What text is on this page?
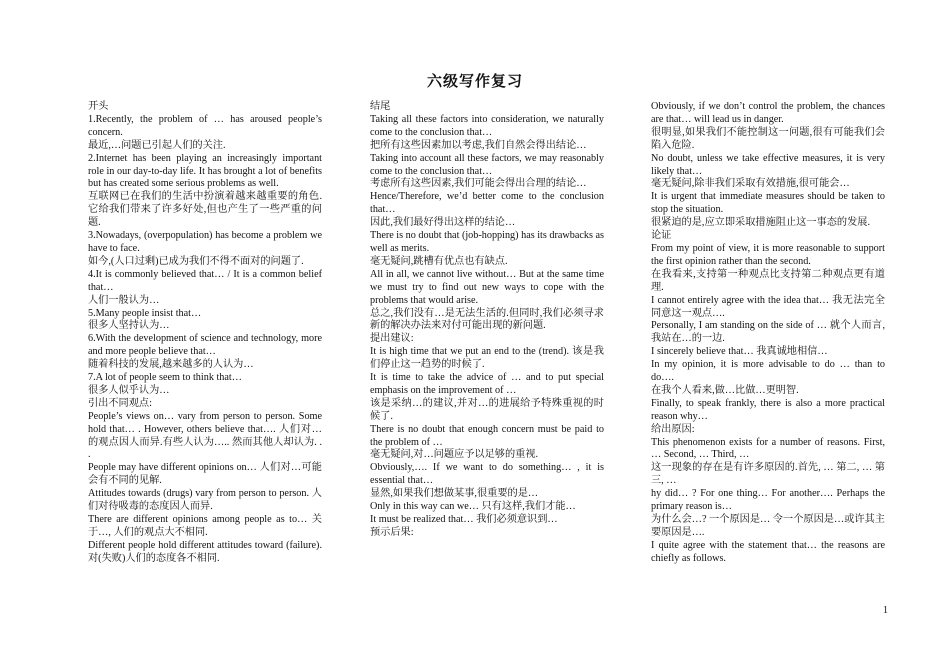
六级写作复习

开头

1.Recently, the problem of … has aroused people’s concern.

最近,…问题已引起人们的关注.

2.Internet has been playing an increasingly important role in our day-to-day life. It has brought a lot of benefits but has created some serious problems as well.

互联网已在我们的生活中扮演着越来越重要的角色.它给我们带来了许多好处,但也产生了一些严重的问题.

3.Nowadays, (overpopulation) has become a problem we have to face.

如今,(人口过剩)已成为我们不得不面对的问题了.

4.It is commonly believed that… / It is a common belief that…

人们一般认为…

5.Many people insist that…

很多人坚持认为…

6.With the development of science and technology, more and more people believe that…

随着科技的发展,越来越多的人认为…

7.A lot of people seem to think that…

很多人似乎认为…

引出不同观点:

People’s views on… vary from person to person. Some hold that… . However, others believe that…. 人们对…的观点因人而异.有些人认为….. 然而其他人却认为. . .

People may have different opinions on… 人们对…可能会有不同的见解.

Attitudes towards (drugs) vary from person to person. 人们对待吸毒的态度因人而异.

There are different opinions among people as to… 关于…, 人们的观点大不相同.

Different people hold different attitudes toward (failure). 对(失败)人们的态度各不相同.

结尾

Taking all these factors into consideration, we naturally come to the conclusion that…

把所有这些因素加以考虑,我们自然会得出结论…

Taking into account all these factors, we may reasonably come to the conclusion that…

考虑所有这些因素,我们可能会得出合理的结论…

Hence/Therefore, we’d better come to the conclusion that…

因此,我们最好得出这样的结论…

There is no doubt that (job-hopping) has its drawbacks as well as merits.

毫无疑问,跳槽有优点也有缺点.

All in all, we cannot live without… But at the same time we must try to find out new ways to cope with the problems that would arise.

总之,我们没有…是无法生活的.但同时,我们必须寻求新的解决办法来对付可能出现的新问题.

提出建议:

It is high time that we put an end to the (trend). 该是我们停止这一趋势的时候了.

It is time to take the advice of … and to put special emphasis on the improvement of …

该是采纳…的建议,并对…的进展给予特殊重视的时候了.

There is no doubt that enough concern must be paid to the problem of …

毫无疑问,对…问题应予以足够的重视.

Obviously,…. If we want to do something… , it is essential that…

显然,如果我们想做某事,很重要的是…

Only in this way can we… 只有这样,我们才能…

It must be realized that… 我们必须意识到…

预示后果:

Obviously, if we don’t control the problem, the chances are that… will lead us in danger.

很明显,如果我们不能控制这一问题,很有可能我们会陷入危险.

No doubt, unless we take effective measures, it is very likely that…

毫无疑问,除非我们采取有效措施,很可能会…

It is urgent that immediate measures should be taken to stop the situation.

很紧迫的是,应立即采取措施阻止这一事态的发展.

论证

From my point of view, it is more reasonable to support the first opinion rather than the second.

在我看来,支持第一种观点比支持第二种观点更有道理.

I cannot entirely agree with the idea that… 我无法完全同意这一观点….

Personally, I am standing on the side of … 就个人而言,我站在…的一边.

I sincerely believe that… 我真诚地相信…

In my opinion, it is more advisable to do … than to do….

在我个人看来,做…比做…更明智.

Finally, to speak frankly, there is also a more practical reason why…

给出原因:

This phenomenon exists for a number of reasons. First, … Second, … Third, …

这一现象的存在是有许多原因的.首先, … 第二, … 第三, …

hy did… ? For one thing… For another…. Perhaps the primary reason is…

为什么会…? 一个原因是… 令一个原因是…或许其主要原因是….

I quite agree with the statement that… the reasons are chiefly as follows.

1
